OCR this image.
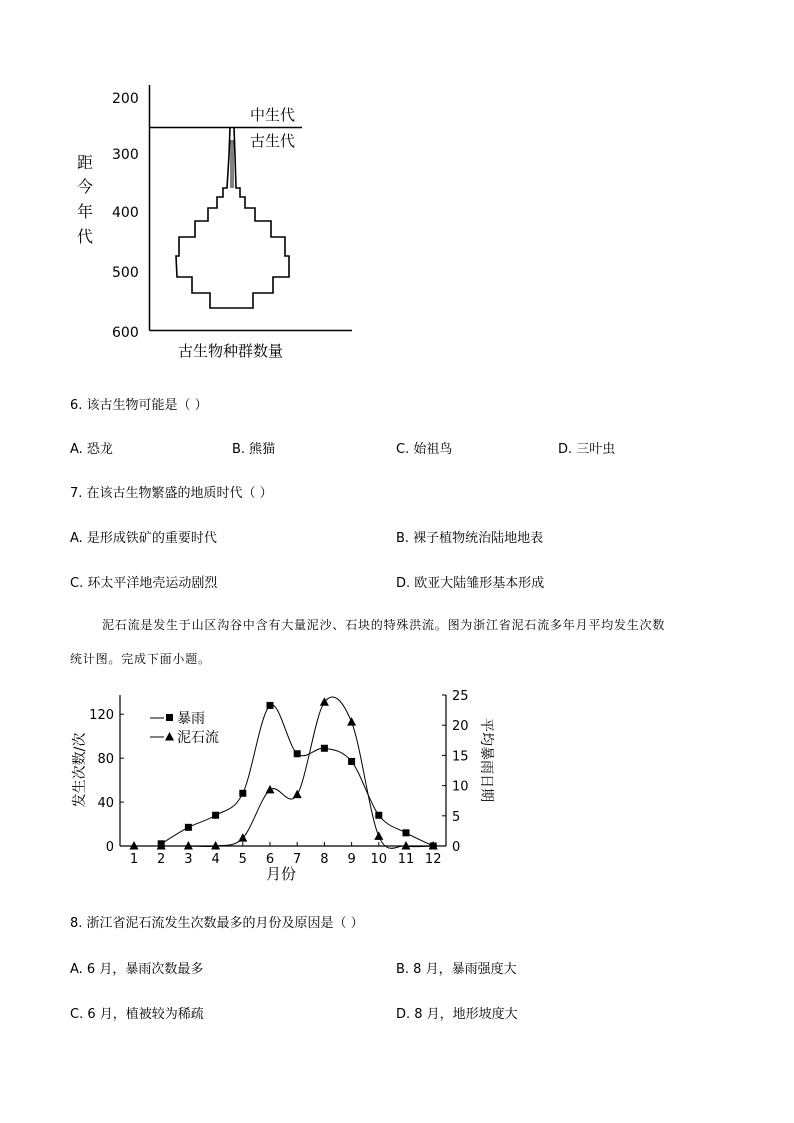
200
300
400
500
600
距
今
年
代
中生代
古生代
古生物种群数量
6. 该古生物可能是（ ）
A. 恐龙	B. 熊猫	C. 始祖鸟	D. 三叶虫
7. 在该古生物繁盛的地质时代（ ）
A. 是形成铁矿的重要时代	B. 裸子植物统治陆地地表
C. 环太平洋地壳运动剧烈	D. 欧亚大陆雏形基本形成
泥石流是发生于山区沟谷中含有大量泥沙、石块的特殊洪流。图为浙江省泥石流多年月平均发生次数
统计图。完成下面小题。
发生次数/次	平均暴雨日期
月份
暴雨
泥石流
0
40
80
120
0
5
10
15
20
25
1 2 3 4 5 6 7 8 9 10 11 12
8. 浙江省泥石流发生次数最多的月份及原因是（ ）
A. 6 月，暴雨次数最多	B. 8 月，暴雨强度大
C. 6 月，植被较为稀疏	D. 8 月，地形坡度大
